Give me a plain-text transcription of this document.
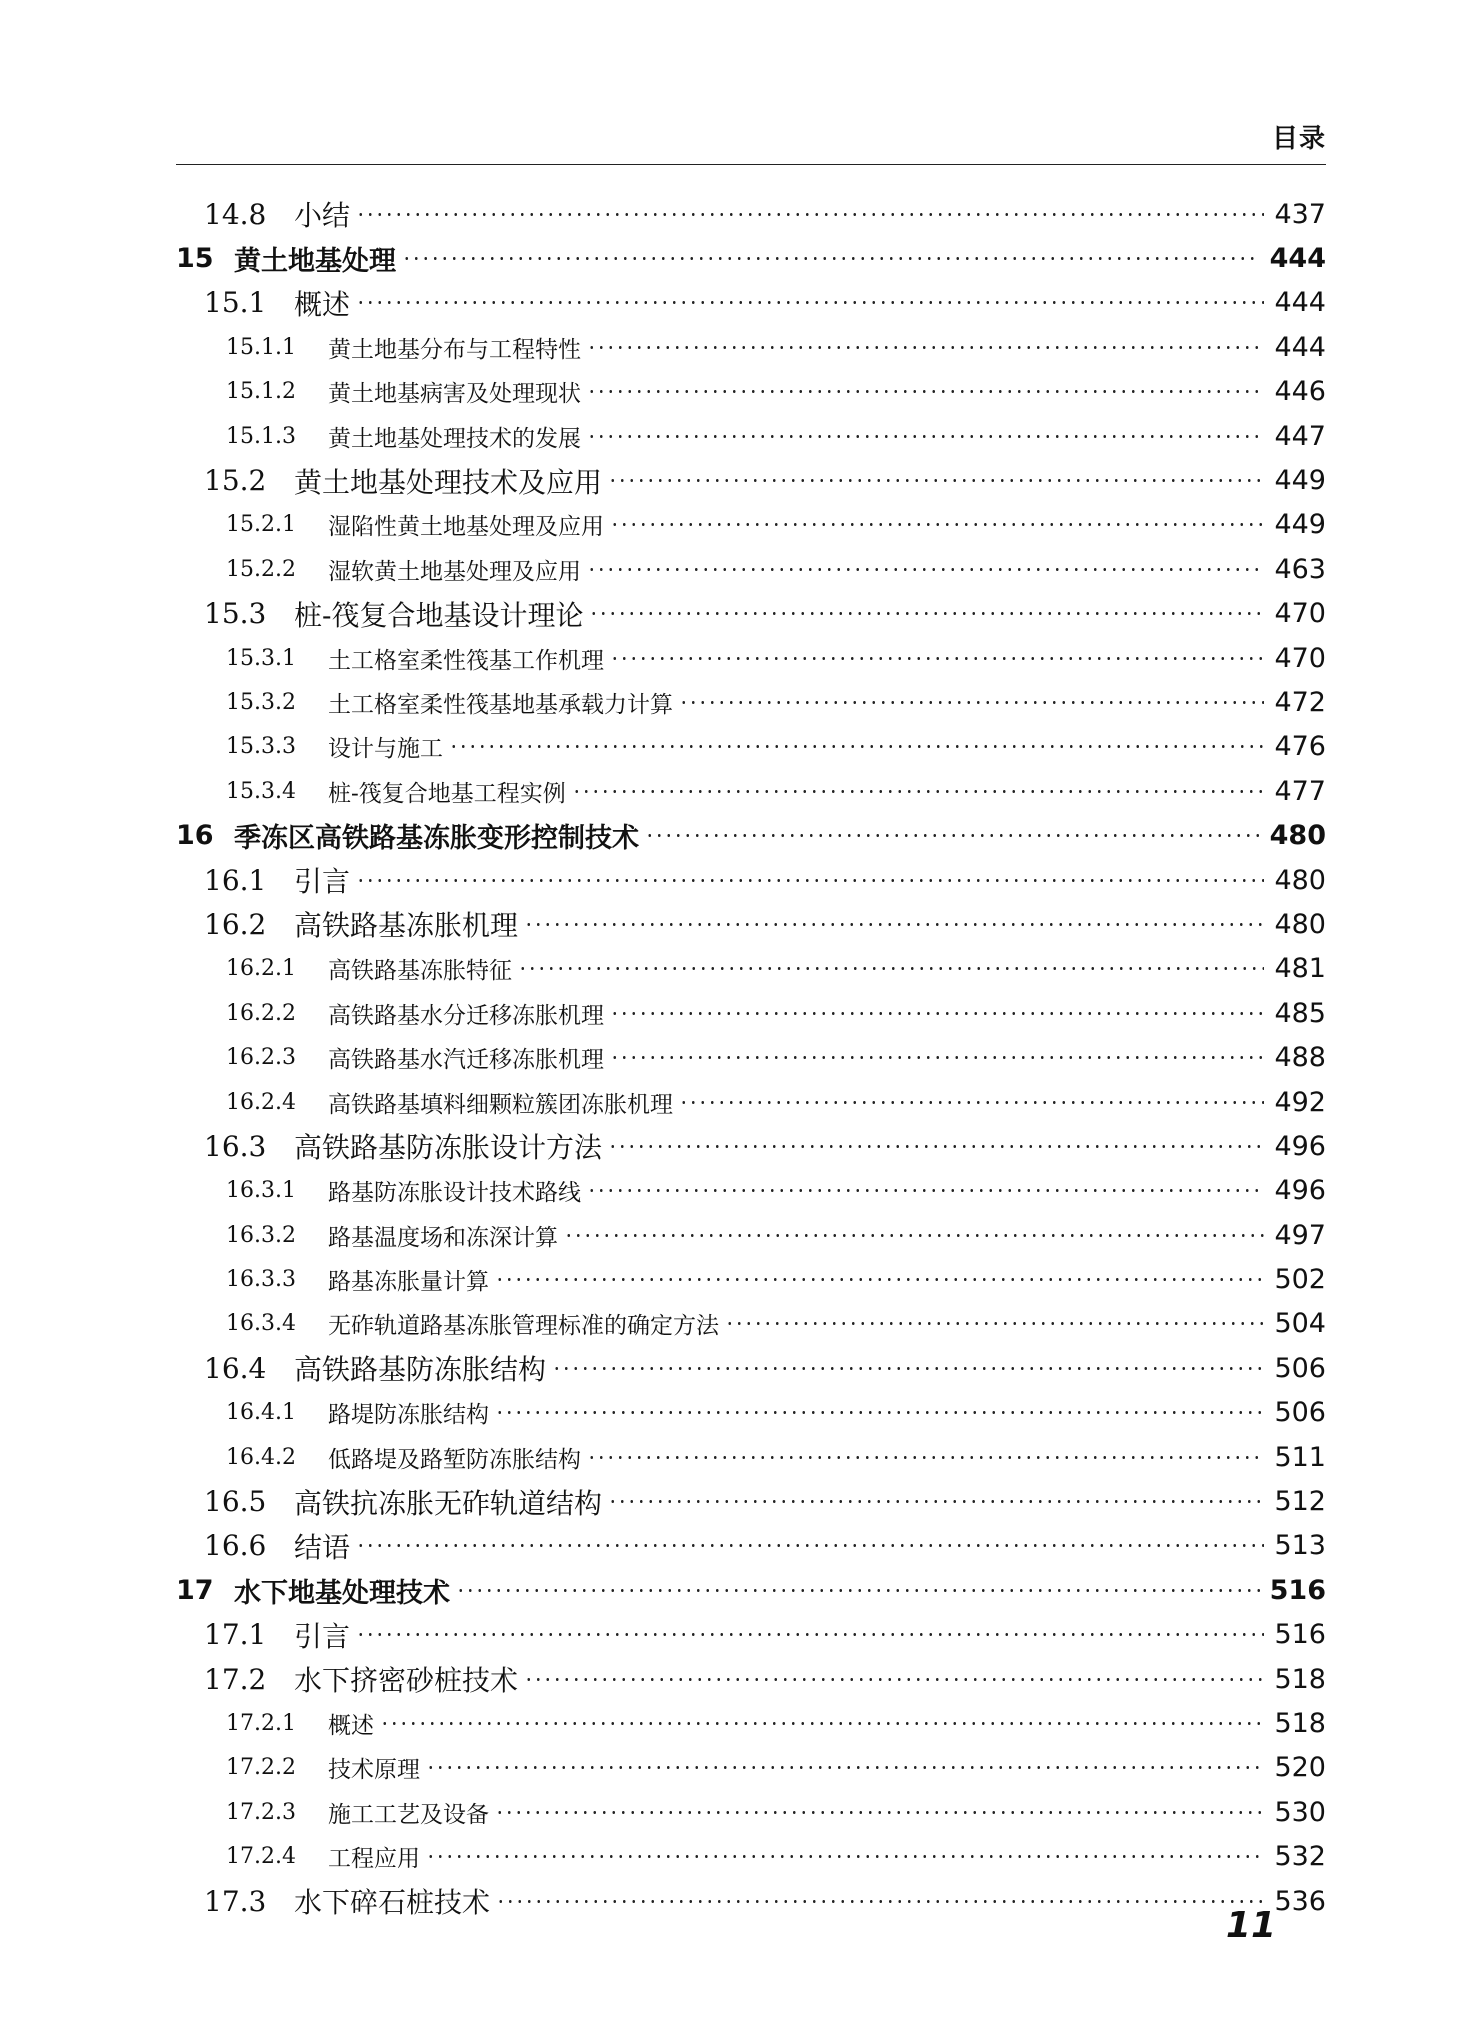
目录
14.8 小结	437
15 黄土地基处理	444
15.1 概述	444
15.1.1	黄土地基分布与工程特性	444
15.1.2	黄土地基病害及处理现状	446
15.1.3	黄土地基处理技术的发展	447
15.2 黄土地基处理技术及应用	449
15.2.1	湿陷性黄土地基处理及应用	449
15.2.2	湿软黄土地基处理及应用	463
15.3 桩-筏复合地基设计理论	470
15.3.1	土工格室柔性筏基工作机理	470
15.3.2	土工格室柔性筏基地基承载力计算	472
15.3.3	设计与施工	476
15.3.4	桩-筏复合地基工程实例	477
16 季冻区高铁路基冻胀变形控制技术	480
16.1 引言	480
16.2 高铁路基冻胀机理	480
16.2.1	高铁路基冻胀特征	481
16.2.2	高铁路基水分迁移冻胀机理	485
16.2.3	高铁路基水汽迁移冻胀机理	488
16.2.4	高铁路基填料细颗粒簇团冻胀机理	492
16.3 高铁路基防冻胀设计方法	496
16.3.1	路基防冻胀设计技术路线	496
16.3.2	路基温度场和冻深计算	497
16.3.3	路基冻胀量计算	502
16.3.4	无砟轨道路基冻胀管理标准的确定方法	504
16.4 高铁路基防冻胀结构	506
16.4.1	路堤防冻胀结构	506
16.4.2	低路堤及路堑防冻胀结构	511
16.5 高铁抗冻胀无砟轨道结构	512
16.6 结语	513
17 水下地基处理技术	516
17.1 引言	516
17.2 水下挤密砂桩技术	518
17.2.1	概述	518
17.2.2	技术原理	520
17.2.3	施工工艺及设备	530
17.2.4	工程应用	532
17.3 水下碎石桩技术	536
11
